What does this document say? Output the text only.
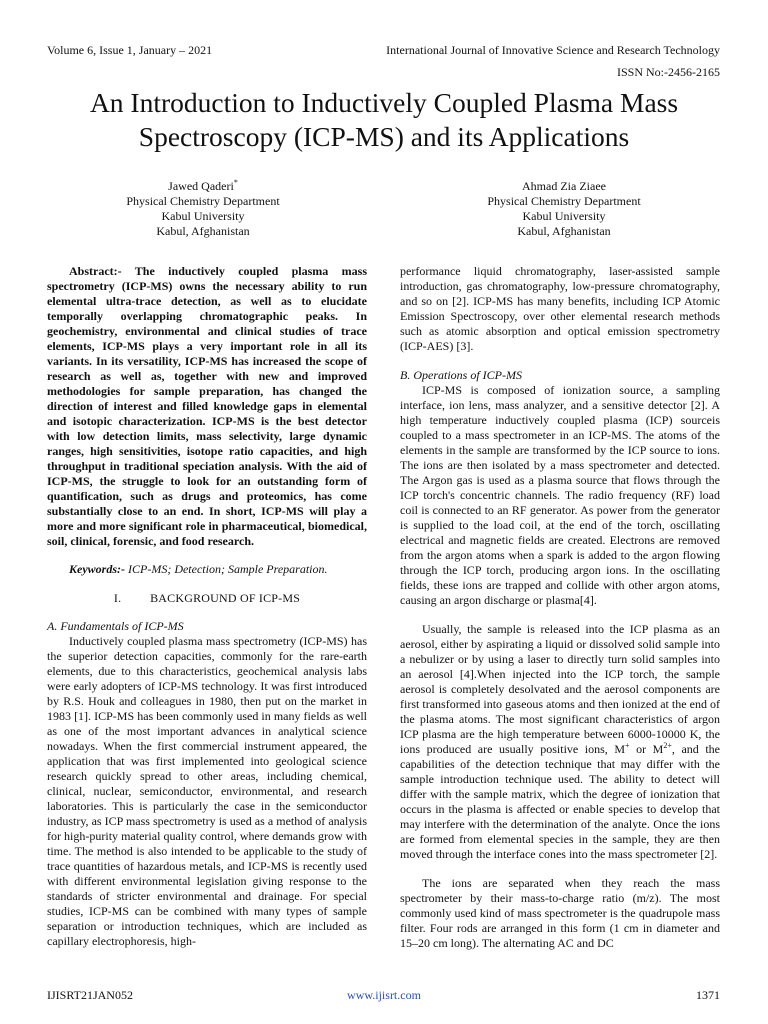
Volume 6, Issue 1, January – 2021	International Journal of Innovative Science and Research Technology
ISSN No:-2456-2165
An Introduction to Inductively Coupled Plasma Mass
Spectroscopy (ICP-MS) and its Applications
Jawed Qaderi*
Physical Chemistry Department
Kabul University
Kabul, Afghanistan
Ahmad Zia Ziaee
Physical Chemistry Department
Kabul University
Kabul, Afghanistan

Abstract:- The inductively coupled plasma mass spectrometry (ICP-MS) owns the necessary ability to run elemental ultra-trace detection, as well as to elucidate temporally overlapping chromatographic peaks. In geochemistry, environmental and clinical studies of trace elements, ICP-MS plays a very important role in all its variants. In its versatility, ICP-MS has increased the scope of research as well as, together with new and improved methodologies for sample preparation, has changed the direction of interest and filled knowledge gaps in elemental and isotopic characterization. ICP-MS is the best detector with low detection limits, mass selectivity, large dynamic ranges, high sensitivities, isotope ratio capacities, and high throughput in traditional speciation analysis. With the aid of ICP-MS, the struggle to look for an outstanding form of quantification, such as drugs and proteomics, has come substantially close to an end. In short, ICP-MS will play a more and more significant role in pharmaceutical, biomedical, soil, clinical, forensic, and food research.

Keywords:- ICP-MS; Detection; Sample Preparation.

I. BACKGROUND OF ICP-MS

A. Fundamentals of ICP-MS

Inductively coupled plasma mass spectrometry (ICP-MS) has the superior detection capacities, commonly for the rare-earth elements, due to this characteristics, geochemical analysis labs were early adopters of ICP-MS technology. It was first introduced by R.S. Houk and colleagues in 1980, then put on the market in 1983 [1]. ICP-MS has been commonly used in many fields as well as one of the most important advances in analytical science nowadays. When the first commercial instrument appeared, the application that was first implemented into geological science research quickly spread to other areas, including chemical, clinical, nuclear, semiconductor, environmental, and research laboratories. This is particularly the case in the semiconductor industry, as ICP mass spectrometry is used as a method of analysis for high-purity material quality control, where demands grow with time. The method is also intended to be applicable to the study of trace quantities of hazardous metals, and ICP-MS is recently used with different environmental legislation giving response to the standards of stricter environmental and drainage. For special studies, ICP-MS can be combined with many types of sample separation or introduction techniques, which are included as capillary electrophoresis, high-

performance liquid chromatography, laser-assisted sample introduction, gas chromatography, low-pressure chromatography, and so on [2]. ICP-MS has many benefits, including ICP Atomic Emission Spectroscopy, over other elemental research methods such as atomic absorption and optical emission spectrometry (ICP-AES) [3].

B. Operations of ICP-MS

ICP-MS is composed of ionization source, a sampling interface, ion lens, mass analyzer, and a sensitive detector [2]. A high temperature inductively coupled plasma (ICP) sourceis coupled to a mass spectrometer in an ICP-MS. The atoms of the elements in the sample are transformed by the ICP source to ions. The ions are then isolated by a mass spectrometer and detected. The Argon gas is used as a plasma source that flows through the ICP torch's concentric channels. The radio frequency (RF) load coil is connected to an RF generator. As power from the generator is supplied to the load coil, at the end of the torch, oscillating electrical and magnetic fields are created. Electrons are removed from the argon atoms when a spark is added to the argon flowing through the ICP torch, producing argon ions. In the oscillating fields, these ions are trapped and collide with other argon atoms, causing an argon discharge or plasma[4].

Usually, the sample is released into the ICP plasma as an aerosol, either by aspirating a liquid or dissolved solid sample into a nebulizer or by using a laser to directly turn solid samples into an aerosol [4].When injected into the ICP torch, the sample aerosol is completely desolvated and the aerosol components are first transformed into gaseous atoms and then ionized at the end of the plasma atoms. The most significant characteristics of argon ICP plasma are the high temperature between 6000-10000 K, the ions produced are usually positive ions, M+ or $M^{2+}$, and the capabilities of the detection technique that may differ with the sample introduction technique used. The ability to detect will differ with the sample matrix, which the degree of ionization that occurs in the plasma is affected or enable species to develop that may interfere with the determination of the analyte. Once the ions are formed from elemental species in the sample, they are then moved through the interface cones into the mass spectrometer [2].

The ions are separated when they reach the mass spectrometer by their mass-to-charge ratio (m/z). The most commonly used kind of mass spectrometer is the quadrupole mass filter. Four rods are arranged in this form (1 cm in diameter and 15–20 cm long). The alternating AC and DC

IJISRT21JAN052	www.ijisrt.com	1371
